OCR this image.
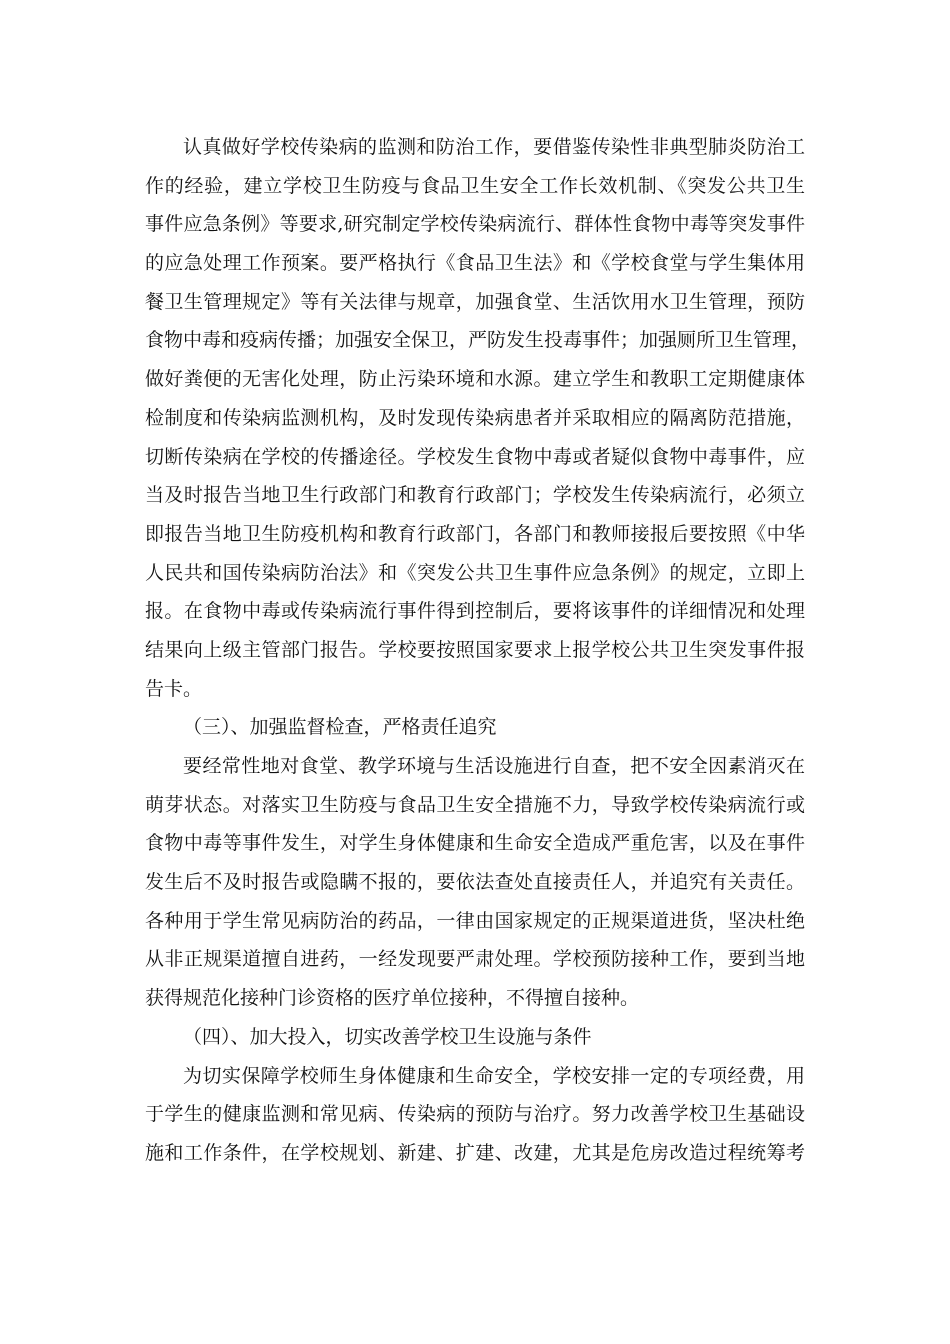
认真做好学校传染病的监测和防治工作，要借鉴传染性非典型肺炎防治工
作的经验，建立学校卫生防疫与食品卫生安全工作长效机制、《突发公共卫生
事件应急条例》等要求,研究制定学校传染病流行、群体性食物中毒等突发事件
的应急处理工作预案。要严格执行《食品卫生法》和《学校食堂与学生集体用
餐卫生管理规定》等有关法律与规章，加强食堂、生活饮用水卫生管理，预防
食物中毒和疫病传播；加强安全保卫，严防发生投毒事件；加强厕所卫生管理，
做好粪便的无害化处理，防止污染环境和水源。建立学生和教职工定期健康体
检制度和传染病监测机构，及时发现传染病患者并采取相应的隔离防范措施，
切断传染病在学校的传播途径。学校发生食物中毒或者疑似食物中毒事件，应
当及时报告当地卫生行政部门和教育行政部门；学校发生传染病流行，必须立
即报告当地卫生防疫机构和教育行政部门，各部门和教师接报后要按照《中华
人民共和国传染病防治法》和《突发公共卫生事件应急条例》的规定，立即上
报。在食物中毒或传染病流行事件得到控制后，要将该事件的详细情况和处理
结果向上级主管部门报告。学校要按照国家要求上报学校公共卫生突发事件报
告卡。
（三）、加强监督检查，严格责任追究
要经常性地对食堂、教学环境与生活设施进行自查，把不安全因素消灭在
萌芽状态。对落实卫生防疫与食品卫生安全措施不力，导致学校传染病流行或
食物中毒等事件发生，对学生身体健康和生命安全造成严重危害，以及在事件
发生后不及时报告或隐瞒不报的，要依法查处直接责任人，并追究有关责任。
各种用于学生常见病防治的药品，一律由国家规定的正规渠道进货，坚决杜绝
从非正规渠道擅自进药，一经发现要严肃处理。学校预防接种工作，要到当地
获得规范化接种门诊资格的医疗单位接种，不得擅自接种。
（四）、加大投入，切实改善学校卫生设施与条件
为切实保障学校师生身体健康和生命安全，学校安排一定的专项经费，用
于学生的健康监测和常见病、传染病的预防与治疗。努力改善学校卫生基础设
施和工作条件，在学校规划、新建、扩建、改建，尤其是危房改造过程统筹考
